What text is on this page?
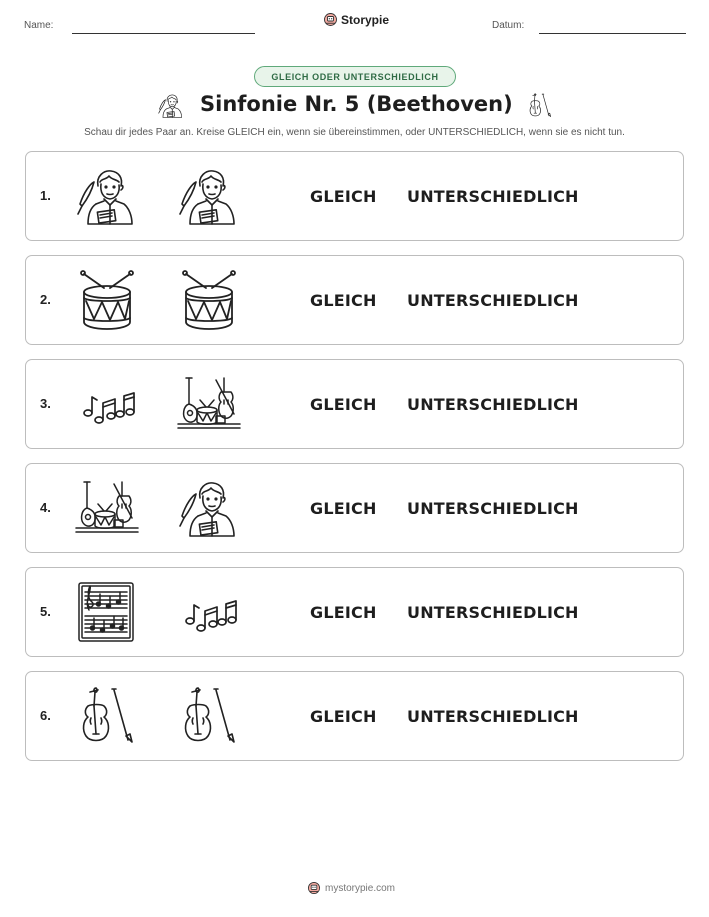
Name:	Storypie	Datum:
GLEICH ODER UNTERSCHIEDLICH
Sinfonie Nr. 5 (Beethoven)
Schau dir jedes Paar an. Kreise GLEICH ein, wenn sie übereinstimmen, oder UNTERSCHIEDLICH, wenn sie es nicht tun.
1.	GLEICH UNTERSCHIEDLICH
2.	GLEICH UNTERSCHIEDLICH
3.	GLEICH UNTERSCHIEDLICH
4.	GLEICH UNTERSCHIEDLICH
5.	GLEICH UNTERSCHIEDLICH
6.	GLEICH UNTERSCHIEDLICH
mystorypie.com
